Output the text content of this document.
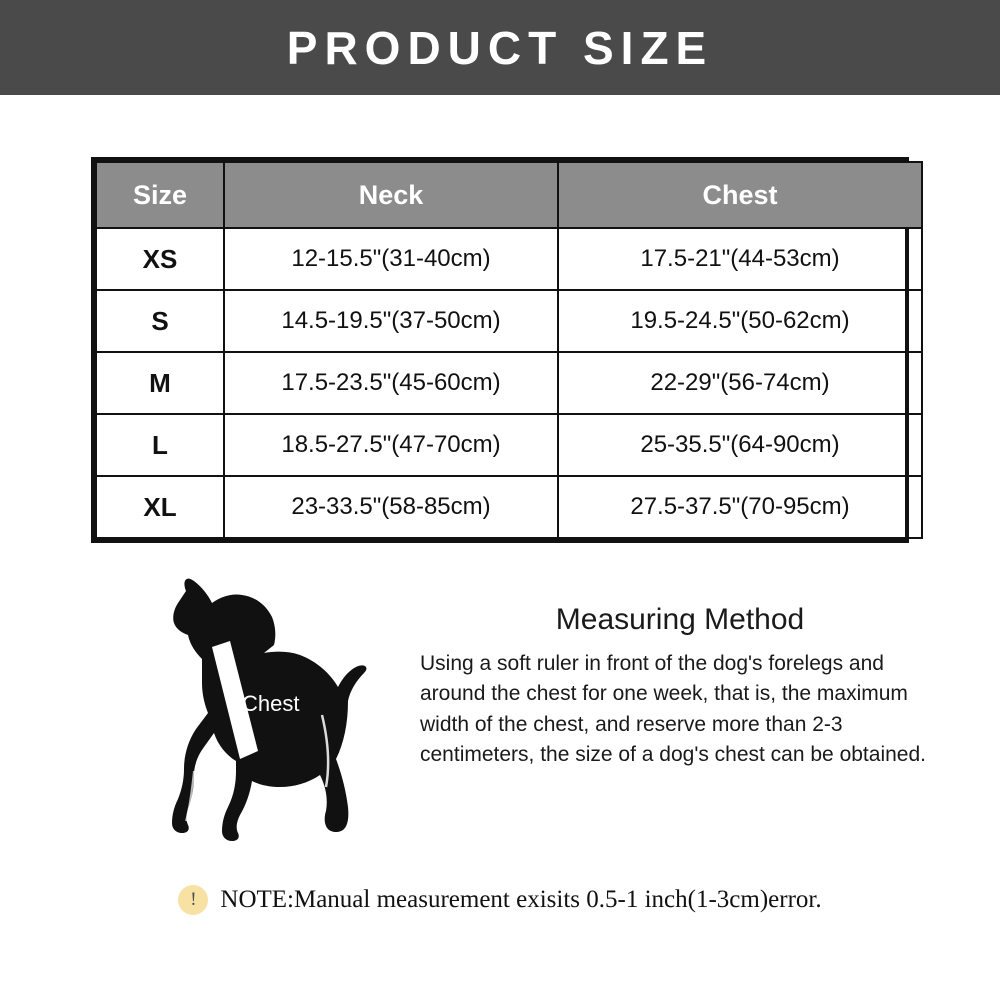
PRODUCT SIZE
Size	Neck	Chest
XS	12-15.5"(31-40cm)	17.5-21"(44-53cm)
S	14.5-19.5"(37-50cm)	19.5-24.5"(50-62cm)
M	17.5-23.5"(45-60cm)	22-29"(56-74cm)
L	18.5-27.5"(47-70cm)	25-35.5"(64-90cm)
XL	23-33.5"(58-85cm)	27.5-37.5"(70-95cm)
Chest
Measuring Method

Using a soft ruler in front of the dog's forelegs and around the chest for one week, that is, the maximum width of the chest, and reserve more than 2-3 centimeters, the size of a dog's chest can be obtained.

! NOTE:Manual measurement exisits 0.5-1 inch(1-3cm)error.
